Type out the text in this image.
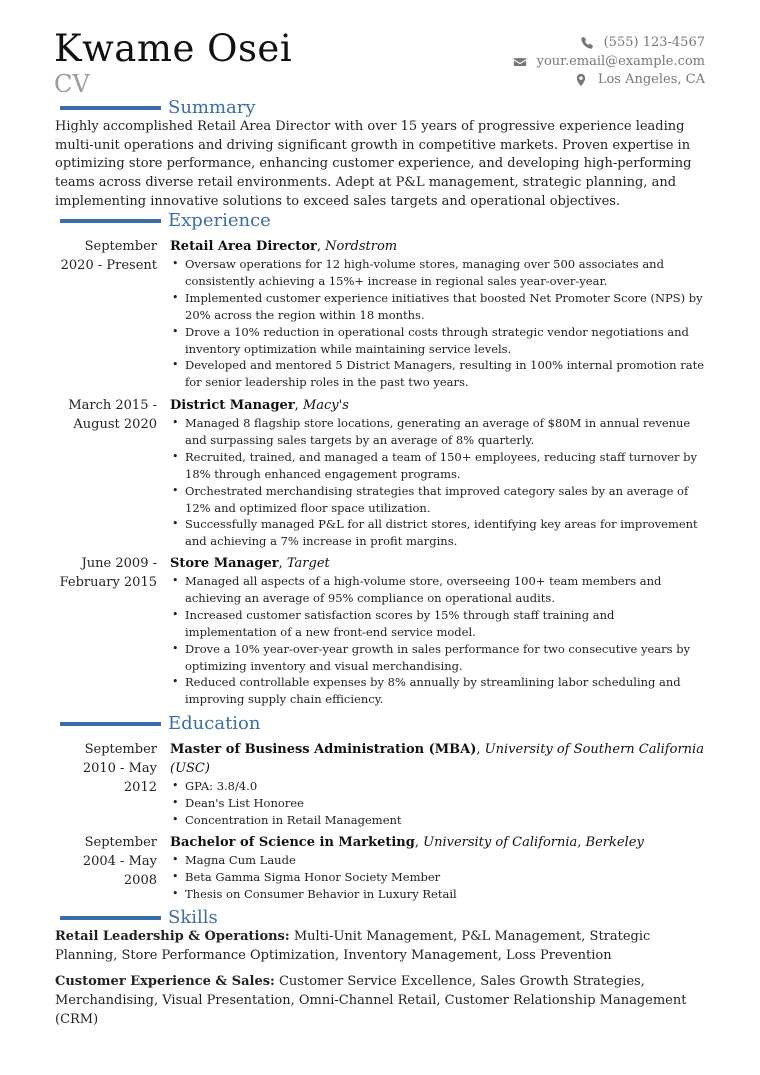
Kwame Osei
CV
(555) 123-4567
your.email@example.com
Los Angeles, CA
Summary
Highly accomplished Retail Area Director with over 15 years of progressive experience leading multi-unit operations and driving significant growth in competitive markets. Proven expertise in optimizing store performance, enhancing customer experience, and developing high-performing teams across diverse retail environments. Adept at P&L management, strategic planning, and implementing innovative solutions to exceed sales targets and operational objectives.
Experience
September 2020 - Present
Retail Area Director, Nordstrom
• Oversaw operations for 12 high-volume stores, managing over 500 associates and consistently achieving a 15%+ increase in regional sales year-over-year.
• Implemented customer experience initiatives that boosted Net Promoter Score (NPS) by 20% across the region within 18 months.
• Drove a 10% reduction in operational costs through strategic vendor negotiations and inventory optimization while maintaining service levels.
• Developed and mentored 5 District Managers, resulting in 100% internal promotion rate for senior leadership roles in the past two years.
March 2015 - August 2020
District Manager, Macy's
• Managed 8 flagship store locations, generating an average of $80M in annual revenue and surpassing sales targets by an average of 8% quarterly.
• Recruited, trained, and managed a team of 150+ employees, reducing staff turnover by 18% through enhanced engagement programs.
• Orchestrated merchandising strategies that improved category sales by an average of 12% and optimized floor space utilization.
• Successfully managed P&L for all district stores, identifying key areas for improvement and achieving a 7% increase in profit margins.
June 2009 - February 2015
Store Manager, Target
• Managed all aspects of a high-volume store, overseeing 100+ team members and achieving an average of 95% compliance on operational audits.
• Increased customer satisfaction scores by 15% through staff training and implementation of a new front-end service model.
• Drove a 10% year-over-year growth in sales performance for two consecutive years by optimizing inventory and visual merchandising.
• Reduced controllable expenses by 8% annually by streamlining labor scheduling and improving supply chain efficiency.
Education
September 2010 - May 2012
Master of Business Administration (MBA), University of Southern California (USC)
• GPA: 3.8/4.0
• Dean's List Honoree
• Concentration in Retail Management
September 2004 - May 2008
Bachelor of Science in Marketing, University of California, Berkeley
• Magna Cum Laude
• Beta Gamma Sigma Honor Society Member
• Thesis on Consumer Behavior in Luxury Retail
Skills
Retail Leadership & Operations: Multi-Unit Management, P&L Management, Strategic Planning, Store Performance Optimization, Inventory Management, Loss Prevention
Customer Experience & Sales: Customer Service Excellence, Sales Growth Strategies, Merchandising, Visual Presentation, Omni-Channel Retail, Customer Relationship Management (CRM)
